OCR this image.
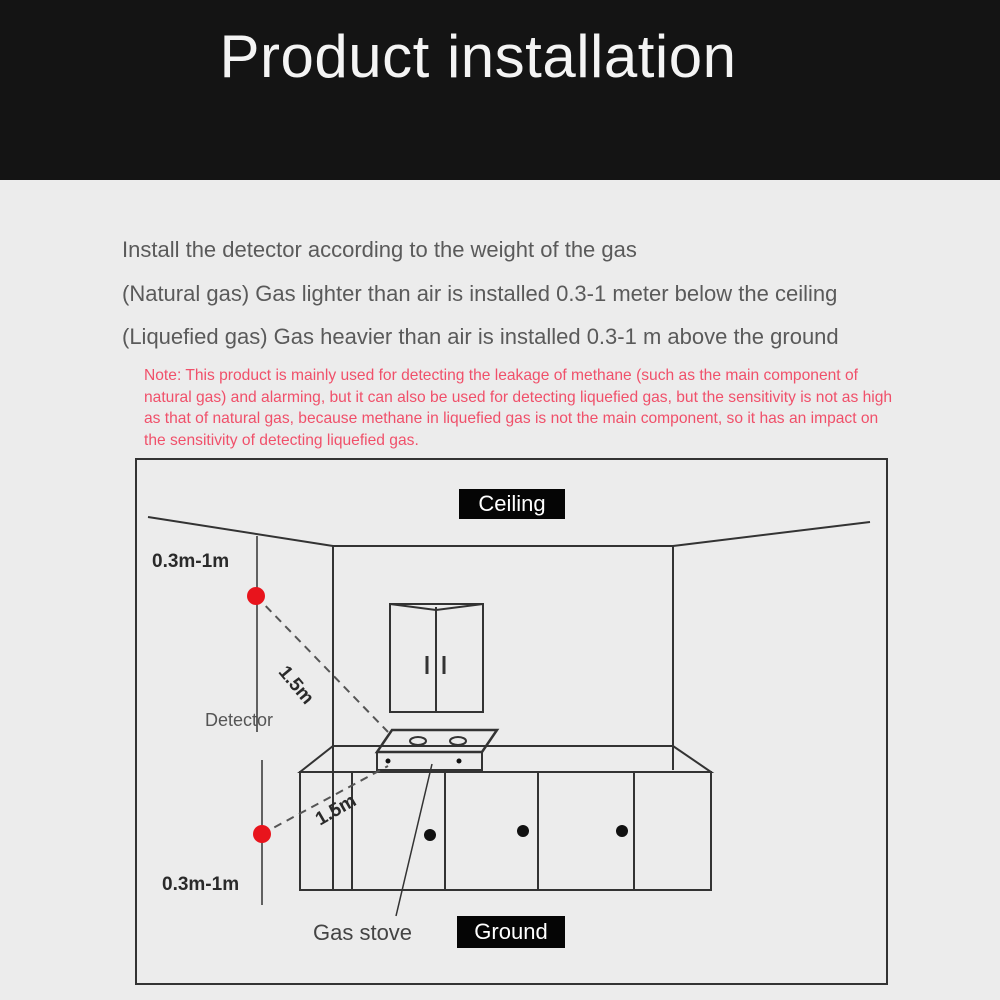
Product installation
Install the detector according to the weight of the gas
(Natural gas) Gas lighter than air is installed 0.3-1 meter below the ceiling
(Liquefied gas) Gas heavier than air is installed 0.3-1 m above the ground
Note: This product is mainly used for detecting the leakage of methane (such as the main component of natural gas) and alarming, but it can also be used for detecting liquefied gas, but the sensitivity is not as high as that of natural gas, because methane in liquefied gas is not the main component, so it has an impact on the sensitivity of detecting liquefied gas.
Ceiling
Ground
0.3m-1m
0.3m-1m
Detector
1.5m
1.5m
Gas stove
